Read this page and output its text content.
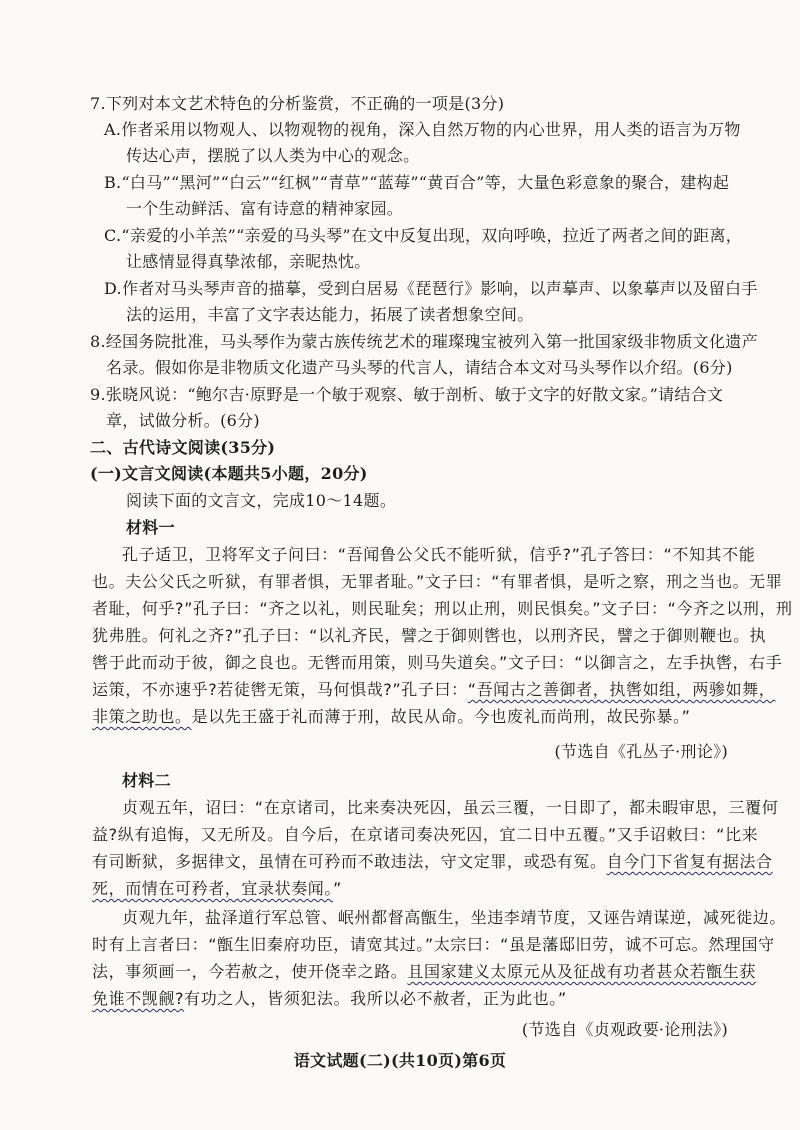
7.下列对本文艺术特色的分析鉴赏，不正确的一项是(3分)
A.作者采用以物观人、以物观物的视角，深入自然万物的内心世界，用人类的语言为万物
传达心声，摆脱了以人类为中心的观念。
B.“白马”“黑河”“白云”“红枫”“青草”“蓝莓”“黄百合”等，大量色彩意象的聚合，建构起
一个生动鲜活、富有诗意的精神家园。
C.“亲爱的小羊羔”“亲爱的马头琴”在文中反复出现，双向呼唤，拉近了两者之间的距离，
让感情显得真挚浓郁，亲昵热忱。
D.作者对马头琴声音的描摹，受到白居易《琵琶行》影响，以声摹声、以象摹声以及留白手
法的运用，丰富了文字表达能力，拓展了读者想象空间。
8.经国务院批准，马头琴作为蒙古族传统艺术的璀璨瑰宝被列入第一批国家级非物质文化遗产
名录。假如你是非物质文化遗产马头琴的代言人，请结合本文对马头琴作以介绍。(6分)
9.张晓风说：“鲍尔吉·原野是一个敏于观察、敏于剖析、敏于文字的好散文家。”请结合文
章，试做分析。(6分)
二、古代诗文阅读(35分)
(一)文言文阅读(本题共5小题，20分)
阅读下面的文言文，完成10～14题。
材料一
孔子适卫，卫将军文子问曰：“吾闻鲁公父氏不能听狱，信乎?”孔子答曰：“不知其不能
也。夫公父氏之听狱，有罪者惧，无罪者耻。”文子曰：“有罪者惧，是听之察，刑之当也。无罪
者耻，何乎?”孔子曰：“齐之以礼，则民耻矣；刑以止刑，则民惧矣。”文子曰：“今齐之以刑，刑
犹弗胜。何礼之齐?”孔子曰：“以礼齐民，譬之于御则辔也，以刑齐民，譬之于御则鞭也。执
辔于此而动于彼，御之良也。无辔而用策，则马失道矣。”文子曰：“以御言之，左手执辔，右手
运策，不亦速乎?若徒辔无策，马何惧哉?”孔子曰：“吾闻古之善御者，执辔如组，两骖如舞，
非策之助也。是以先王盛于礼而薄于刑，故民从命。今也废礼而尚刑，故民弥暴。”
(节选自《孔丛子·刑论》)
材料二
贞观五年，诏曰：“在京诸司，比来奏决死囚，虽云三覆，一日即了，都未暇审思，三覆何
益?纵有追悔，又无所及。自今后，在京诸司奏决死囚，宜二日中五覆。”又手诏敕曰：“比来
有司断狱，多据律文，虽情在可矜而不敢违法，守文定罪，或恐有冤。自今门下省复有据法合
死，而情在可矜者，宜录状奏闻。”
贞观九年，盐泽道行军总管、岷州都督高甑生，坐违李靖节度，又诬告靖谋逆，减死徙边。
时有上言者曰：“甑生旧秦府功臣，请宽其过。”太宗曰：“虽是藩邸旧劳，诚不可忘。然理国守
法，事须画一，今若赦之，使开侥幸之路。且国家建义太原元从及征战有功者甚众若甑生获
免谁不觊觎?有功之人，皆须犯法。我所以必不赦者，正为此也。”
(节选自《贞观政要·论刑法》)
语文试题(二)(共10页)第6页
